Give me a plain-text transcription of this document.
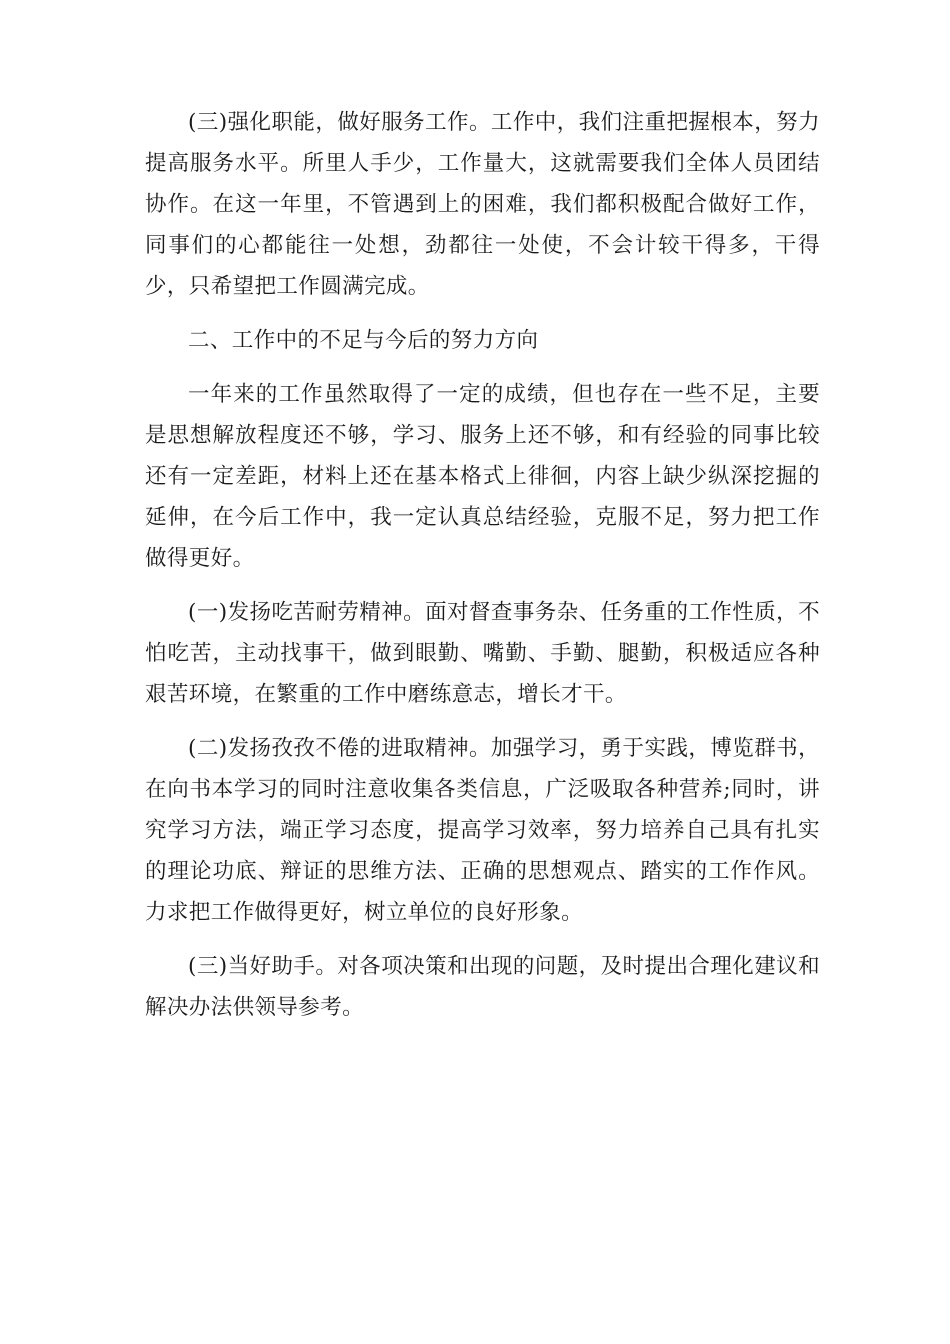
(三)强化职能，做好服务工作。工作中，我们注重把握根本，努力提高服务水平。所里人手少，工作量大，这就需要我们全体人员团结协作。在这一年里，不管遇到上的困难，我们都积极配合做好工作，同事们的心都能往一处想，劲都往一处使，不会计较干得多，干得少，只希望把工作圆满完成。

二、工作中的不足与今后的努力方向

一年来的工作虽然取得了一定的成绩，但也存在一些不足，主要是思想解放程度还不够，学习、服务上还不够，和有经验的同事比较还有一定差距，材料上还在基本格式上徘徊，内容上缺少纵深挖掘的延伸，在今后工作中，我一定认真总结经验，克服不足，努力把工作做得更好。

(一)发扬吃苦耐劳精神。面对督查事务杂、任务重的工作性质，不怕吃苦，主动找事干，做到眼勤、嘴勤、手勤、腿勤，积极适应各种艰苦环境，在繁重的工作中磨练意志，增长才干。

(二)发扬孜孜不倦的进取精神。加强学习，勇于实践，博览群书，在向书本学习的同时注意收集各类信息，广泛吸取各种营养;同时，讲究学习方法，端正学习态度，提高学习效率，努力培养自己具有扎实的理论功底、辩证的思维方法、正确的思想观点、踏实的工作作风。力求把工作做得更好，树立单位的良好形象。

(三)当好助手。对各项决策和出现的问题，及时提出合理化建议和解决办法供领导参考。
